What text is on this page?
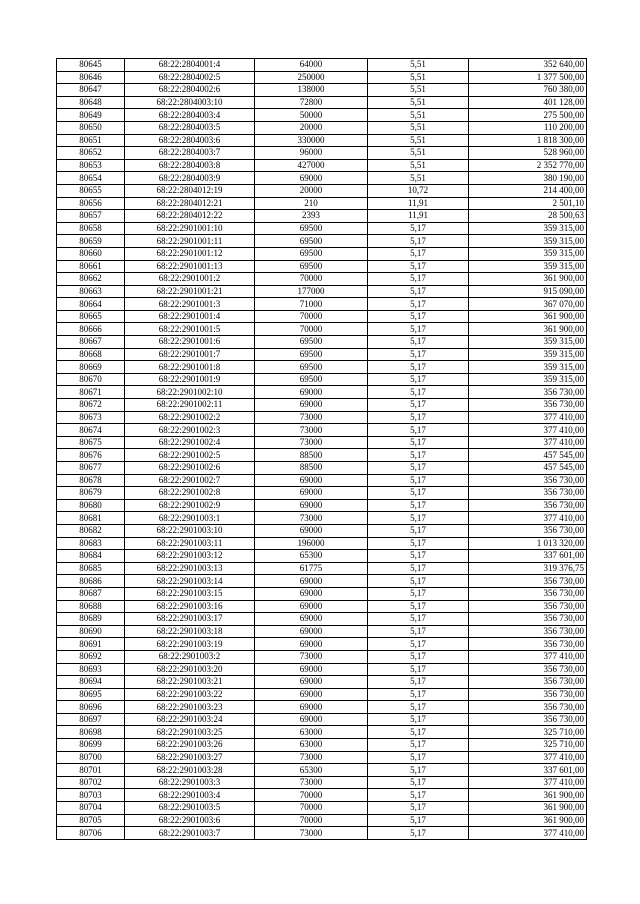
80645	68:22:2804001:4	64000	5,51	352 640,00
80646	68:22:2804002:5	250000	5,51	1 377 500,00
80647	68:22:2804002:6	138000	5,51	760 380,00
80648	68:22:2804003:10	72800	5,51	401 128,00
80649	68:22:2804003:4	50000	5,51	275 500,00
80650	68:22:2804003:5	20000	5,51	110 200,00
80651	68:22:2804003:6	330000	5,51	1 818 300,00
80652	68:22:2804003:7	96000	5,51	528 960,00
80653	68:22:2804003:8	427000	5,51	2 352 770,00
80654	68:22:2804003:9	69000	5,51	380 190,00
80655	68:22:2804012:19	20000	10,72	214 400,00
80656	68:22:2804012:21	210	11,91	2 501,10
80657	68:22:2804012:22	2393	11,91	28 500,63
80658	68:22:2901001:10	69500	5,17	359 315,00
80659	68:22:2901001:11	69500	5,17	359 315,00
80660	68:22:2901001:12	69500	5,17	359 315,00
80661	68:22:2901001:13	69500	5,17	359 315,00
80662	68:22:2901001:2	70000	5,17	361 900,00
80663	68:22:2901001:21	177000	5,17	915 090,00
80664	68:22:2901001:3	71000	5,17	367 070,00
80665	68:22:2901001:4	70000	5,17	361 900,00
80666	68:22:2901001:5	70000	5,17	361 900,00
80667	68:22:2901001:6	69500	5,17	359 315,00
80668	68:22:2901001:7	69500	5,17	359 315,00
80669	68:22:2901001:8	69500	5,17	359 315,00
80670	68:22:2901001:9	69500	5,17	359 315,00
80671	68:22:2901002:10	69000	5,17	356 730,00
80672	68:22:2901002:11	69000	5,17	356 730,00
80673	68:22:2901002:2	73000	5,17	377 410,00
80674	68:22:2901002:3	73000	5,17	377 410,00
80675	68:22:2901002:4	73000	5,17	377 410,00
80676	68:22:2901002:5	88500	5,17	457 545,00
80677	68:22:2901002:6	88500	5,17	457 545,00
80678	68:22:2901002:7	69000	5,17	356 730,00
80679	68:22:2901002:8	69000	5,17	356 730,00
80680	68:22:2901002:9	69000	5,17	356 730,00
80681	68:22:2901003:1	73000	5,17	377 410,00
80682	68:22:2901003:10	69000	5,17	356 730,00
80683	68:22:2901003:11	196000	5,17	1 013 320,00
80684	68:22:2901003:12	65300	5,17	337 601,00
80685	68:22:2901003:13	61775	5,17	319 376,75
80686	68:22:2901003:14	69000	5,17	356 730,00
80687	68:22:2901003:15	69000	5,17	356 730,00
80688	68:22:2901003:16	69000	5,17	356 730,00
80689	68:22:2901003:17	69000	5,17	356 730,00
80690	68:22:2901003:18	69000	5,17	356 730,00
80691	68:22:2901003:19	69000	5,17	356 730,00
80692	68:22:2901003:2	73000	5,17	377 410,00
80693	68:22:2901003:20	69000	5,17	356 730,00
80694	68:22:2901003:21	69000	5,17	356 730,00
80695	68:22:2901003:22	69000	5,17	356 730,00
80696	68:22:2901003:23	69000	5,17	356 730,00
80697	68:22:2901003:24	69000	5,17	356 730,00
80698	68:22:2901003:25	63000	5,17	325 710,00
80699	68:22:2901003:26	63000	5,17	325 710,00
80700	68:22:2901003:27	73000	5,17	377 410,00
80701	68:22:2901003:28	65300	5,17	337 601,00
80702	68:22:2901003:3	73000	5,17	377 410,00
80703	68:22:2901003:4	70000	5,17	361 900,00
80704	68:22:2901003:5	70000	5,17	361 900,00
80705	68:22:2901003:6	70000	5,17	361 900,00
80706	68:22:2901003:7	73000	5,17	377 410,00
